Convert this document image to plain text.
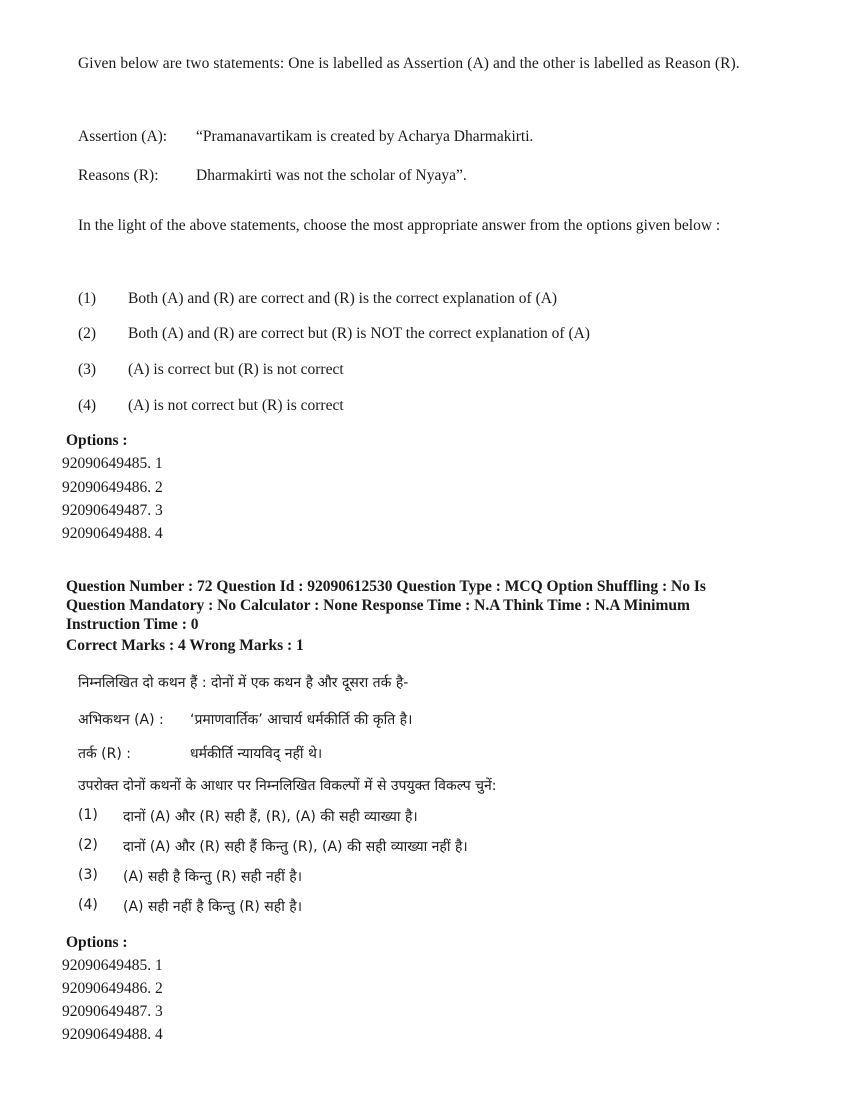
Given below are two statements: One is labelled as Assertion (A) and the other is labelled as Reason (R).
Assertion (A): “Pramanavartikam is created by Acharya Dharmakirti.
Reasons (R): Dharmakirti was not the scholar of Nyaya”.
In the light of the above statements, choose the most appropriate answer from the options given below :
(1) Both (A) and (R) are correct and (R) is the correct explanation of (A)
(2) Both (A) and (R) are correct but (R) is NOT the correct explanation of (A)
(3) (A) is correct but (R) is not correct
(4) (A) is not correct but (R) is correct
Options :
92090649485. 1
92090649486. 2
92090649487. 3
92090649488. 4
Question Number : 72 Question Id : 92090612530 Question Type : MCQ Option Shuffling : No Is Question Mandatory : No Calculator : None Response Time : N.A Think Time : N.A Minimum Instruction Time : 0
Correct Marks : 4 Wrong Marks : 1
निम्नलिखित दो कथन हैं : दोनों में एक कथन है और दूसरा तर्क है-
अभिकथन (A) : ‘प्रमाणवार्तिक’ आचार्य धर्मकीर्ति की कृति है।
तर्क (R) :	धर्मकीर्ति न्यायविद् नहीं थे।
उपरोक्त दोनों कथनों के आधार पर निम्नलिखित विकल्पों में से उपयुक्त विकल्प चुनें:
(1) दानों (A) और (R) सही हैं, (R), (A) की सही व्याख्या है।
(2) दानों (A) और (R) सही हैं किन्तु (R), (A) की सही व्याख्या नहीं है।
(3) (A) सही है किन्तु (R) सही नहीं है।
(4) (A) सही नहीं है किन्तु (R) सही है।
Options :
92090649485. 1
92090649486. 2
92090649487. 3
92090649488. 4
